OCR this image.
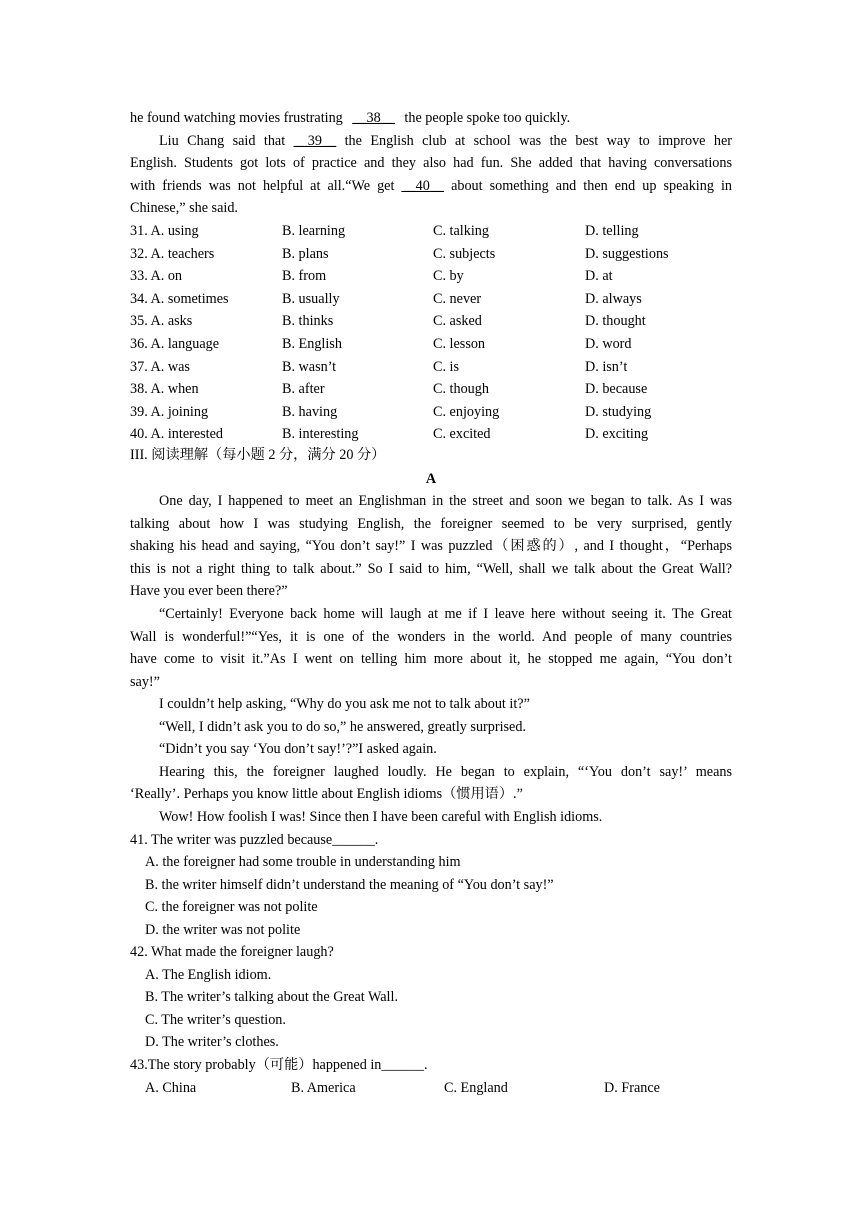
he found watching movies frustrating __38__ the people spoke too quickly.
Liu Chang said that __39__ the English club at school was the best way to improve her
English. Students got lots of practice and they also had fun. She added that having conversations
with friends was not helpful at all.“We get __40__ about something and then end up speaking in
Chinese,” she said.
31. A. using	B. learning	C. talking	D. telling
32. A. teachers	B. plans	C. subjects	D. suggestions
33. A. on	B. from	C. by	D. at
34. A. sometimes	B. usually	C. never	D. always
35. A. asks	B. thinks	C. asked	D. thought
36. A. language	B. English	C. lesson	D. word
37. A. was	B. wasn’t	C. is	D. isn’t
38. A. when	B. after	C. though	D. because
39. A. joining	B. having	C. enjoying	D. studying
40. A. interested	B. interesting	C. excited	D. exciting
III. 阅读理解（每小题 2 分，满分 20 分）
A
One day, I happened to meet an Englishman in the street and soon we began to talk. As I was
talking about how I was studying English, the foreigner seemed to be very surprised, gently
shaking his head and saying, “You don’t say!” I was puzzled（困惑的）, and I thought，“Perhaps
this is not a right thing to talk about.” So I said to him, “Well, shall we talk about the Great Wall?
Have you ever been there?”
“Certainly! Everyone back home will laugh at me if I leave here without seeing it. The Great
Wall is wonderful!”“Yes, it is one of the wonders in the world. And people of many countries
have come to visit it.”As I went on telling him more about it, he stopped me again, “You don’t
say!”
I couldn’t help asking, “Why do you ask me not to talk about it?”
“Well, I didn’t ask you to do so,” he answered, greatly surprised.
“Didn’t you say ‘You don’t say!’?”I asked again.
Hearing this, the foreigner laughed loudly. He began to explain, “‘You don’t say!’ means
‘Really’. Perhaps you know little about English idioms（惯用语）.”
Wow! How foolish I was! Since then I have been careful with English idioms.
41. The writer was puzzled because______.
A. the foreigner had some trouble in understanding him
B. the writer himself didn’t understand the meaning of “You don’t say!”
C. the foreigner was not polite
D. the writer was not polite
42. What made the foreigner laugh?
A. The English idiom.
B. The writer’s talking about the Great Wall.
C. The writer’s question.
D. The writer’s clothes.
43.The story probably（可能）happened in______.
A. China	B. America	C. England	D. France
